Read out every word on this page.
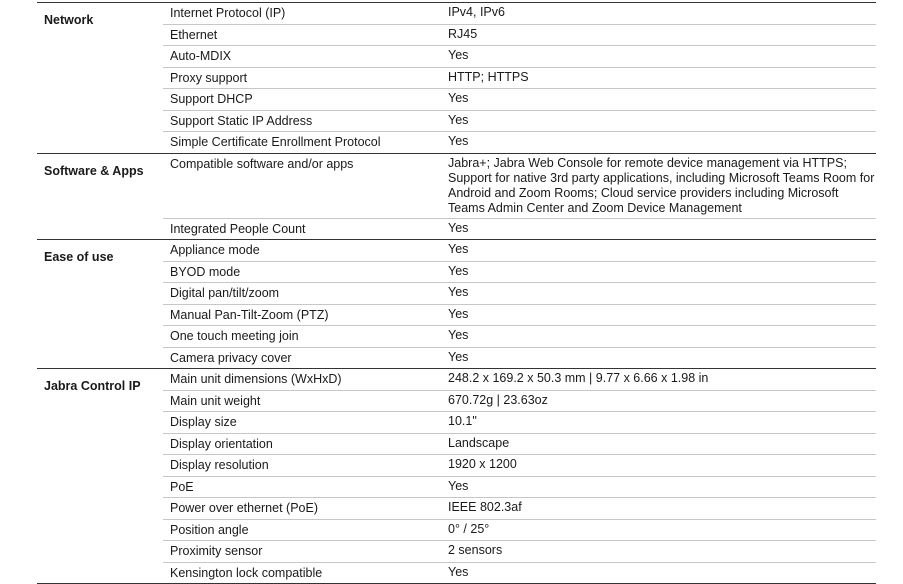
Network	Internet Protocol (IP)	IPv4, IPv6
Ethernet	RJ45
Auto-MDIX	Yes
Proxy support	HTTP; HTTPS
Support DHCP	Yes
Support Static IP Address	Yes
Simple Certificate Enrollment Protocol	Yes
Software & Apps	Compatible software and/or apps	Jabra+; Jabra Web Console for remote device management via HTTPS; Support for native 3rd party applications, including Microsoft Teams Room for Android and Zoom Rooms; Cloud service providers including Microsoft Teams Admin Center and Zoom Device Management
Integrated People Count	Yes
Ease of use	Appliance mode	Yes
BYOD mode	Yes
Digital pan/tilt/zoom	Yes
Manual Pan-Tilt-Zoom (PTZ)	Yes
One touch meeting join	Yes
Camera privacy cover	Yes
Jabra Control IP	Main unit dimensions (WxHxD)	248.2 x 169.2 x 50.3 mm | 9.77 x 6.66 x 1.98 in
Main unit weight	670.72g | 23.63oz
Display size	10.1"
Display orientation	Landscape
Display resolution	1920 x 1200
PoE	Yes
Power over ethernet (PoE)	IEEE 802.3af
Position angle	0° / 25°
Proximity sensor	2 sensors
Kensington lock compatible	Yes
